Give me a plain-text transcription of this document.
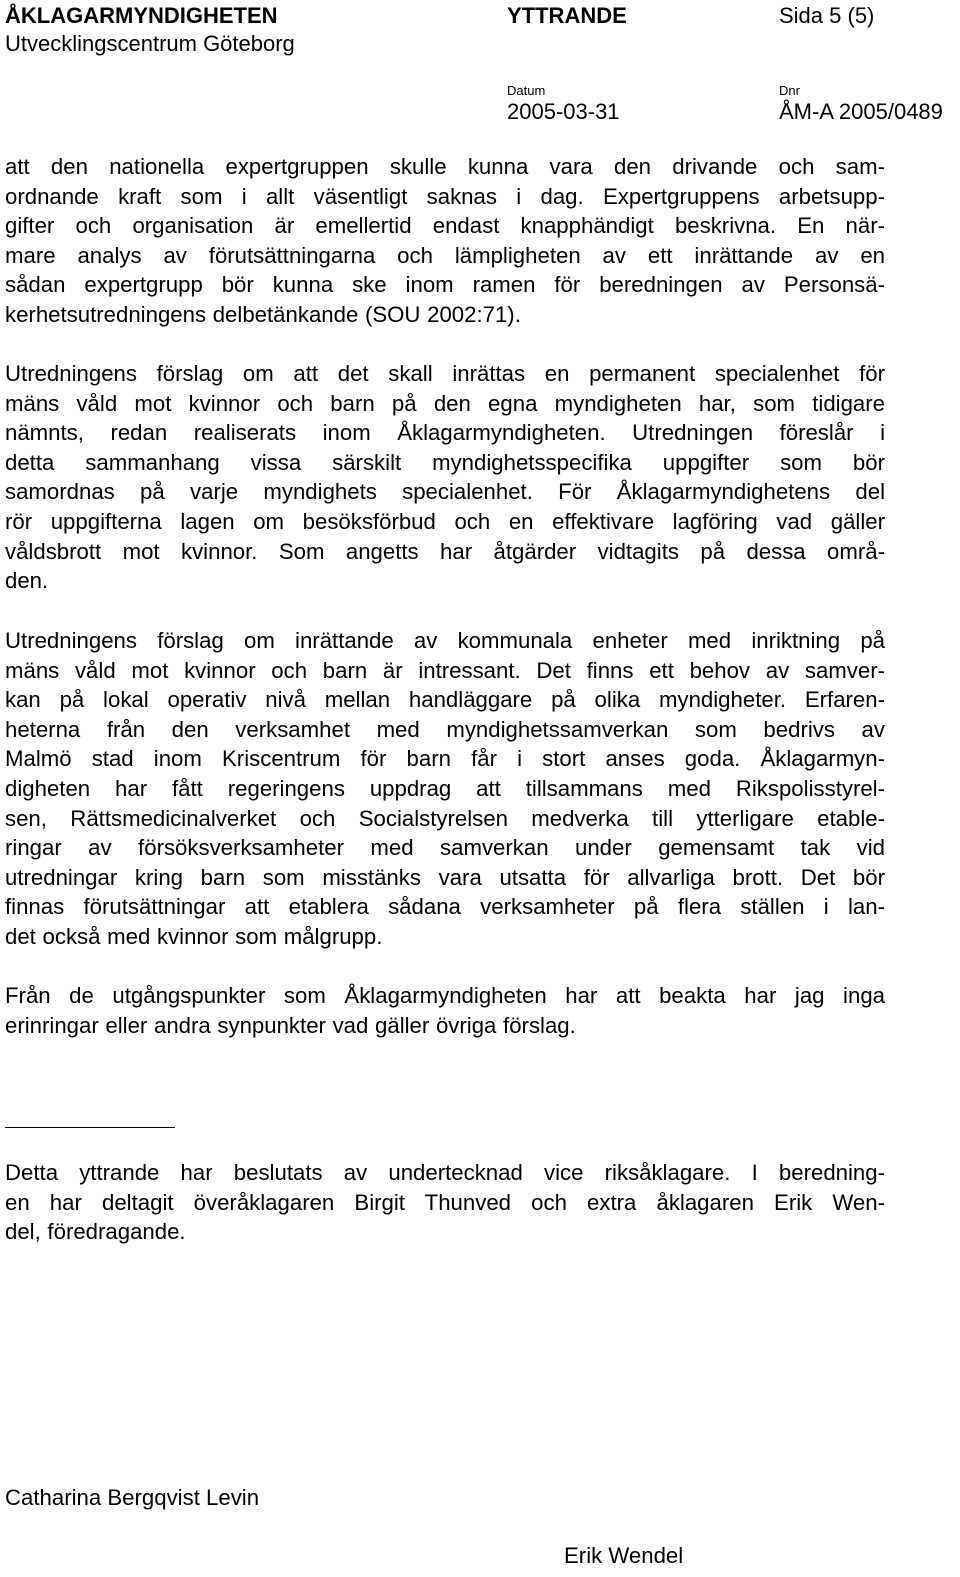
ÅKLAGARMYNDIGHETEN
Utvecklingscentrum Göteborg
YTTRANDE	Sida 5 (5)
Datum
2005-03-31
Dnr
ÅM-A 2005/0489
att den nationella expertgruppen skulle kunna vara den drivande och sam-
ordnande kraft som i allt väsentligt saknas i dag. Expertgruppens arbetsupp-
gifter och organisation är emellertid endast knapphändigt beskrivna. En när-
mare analys av förutsättningarna och lämpligheten av ett inrättande av en
sådan expertgrupp bör kunna ske inom ramen för beredningen av Personsä-
kerhetsutredningens delbetänkande (SOU 2002:71).
Utredningens förslag om att det skall inrättas en permanent specialenhet för
mäns våld mot kvinnor och barn på den egna myndigheten har, som tidigare
nämnts, redan realiserats inom Åklagarmyndigheten. Utredningen föreslår i
detta sammanhang vissa särskilt myndighetsspecifika uppgifter som bör
samordnas på varje myndighets specialenhet. För Åklagarmyndighetens del
rör uppgifterna lagen om besöksförbud och en effektivare lagföring vad gäller
våldsbrott mot kvinnor. Som angetts har åtgärder vidtagits på dessa områ-
den.
Utredningens förslag om inrättande av kommunala enheter med inriktning på
mäns våld mot kvinnor och barn är intressant. Det finns ett behov av samver-
kan på lokal operativ nivå mellan handläggare på olika myndigheter. Erfaren-
heterna från den verksamhet med myndighetssamverkan som bedrivs av
Malmö stad inom Kriscentrum för barn får i stort anses goda. Åklagarmyn-
digheten har fått regeringens uppdrag att tillsammans med Rikspolisstyrel-
sen, Rättsmedicinalverket och Socialstyrelsen medverka till ytterligare etable-
ringar av försöksverksamheter med samverkan under gemensamt tak vid
utredningar kring barn som misstänks vara utsatta för allvarliga brott. Det bör
finnas förutsättningar att etablera sådana verksamheter på flera ställen i lan-
det också med kvinnor som målgrupp.
Från de utgångspunkter som Åklagarmyndigheten har att beakta har jag inga
erinringar eller andra synpunkter vad gäller övriga förslag.
Detta yttrande har beslutats av undertecknad vice riksåklagare. I beredning-
en har deltagit överåklagaren Birgit Thunved och extra åklagaren Erik Wen-
del, föredragande.
Catharina Bergqvist Levin
Erik Wendel
